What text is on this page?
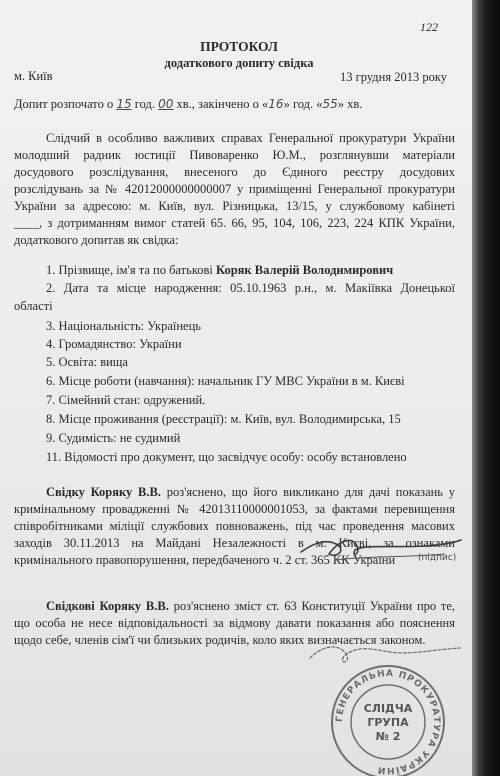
122
ПРОТОКОЛ
додаткового допиту свідка
м. Київ	13 грудня 2013 року
Допит розпочато о 15 год. 00 хв., закінчено о «16» год. «55» хв.
Слідчий в особливо важливих справах Генеральної прокуратури України
молодший радник юстиції Пивоваренко Ю.М., розглянувши матеріали
досудового розслідування, внесеного до Єдиного реєстру досудових
розслідувань за № 42012000000000007 у приміщенні Генеральної прокуратури
України за адресою: м. Київ, вул. Різницька, 13/15, у службовому кабінеті
____, з дотриманням вимог статей 65. 66, 95, 104, 106, 223, 224 КПК України,
додаткового допитав як свідка:
1. Прізвище, ім'я та по батькові Коряк Валерій Володимирович
2. Дата та місце народження: 05.10.1963 р.н., м. Макіївка Донецької
області
3. Національність: Українець
4. Громадянство: України
5. Освіта: вища
6. Місце роботи (навчання): начальник ГУ МВС України в м. Києві
7. Сімейний стан: одружений.
8. Місце проживання (реєстрації): м. Київ, вул. Володимирська, 15
9. Судимість: не судимий
11. Відомості про документ, що засвідчує особу: особу встановлено
Свідку Коряку В.В. роз'яснено, що його викликано для дачі показань у
кримінальному провадженні № 42013110000001053, за фактами перевищення
співробітниками міліції службових повноважень, під час проведення масових
заходів 30.11.2013 на Майдані Незалежності в м. Києві, за ознаками
кримінального правопорушення, передбаченого ч. 2 ст. 365 КК України	(підпис)
Свідкові Коряку В.В. роз'яснено зміст ст. 63 Конституції України про те,
що особа не несе відповідальності за відмову давати показання або пояснення
щодо себе, членів сім'ї чи близьких родичів, коло яких визначається законом.
ГЕНЕРАЛЬНА ПРОКУРАТУРА УКРАЇНИ
СЛІДЧА
ГРУПА
№ 2
